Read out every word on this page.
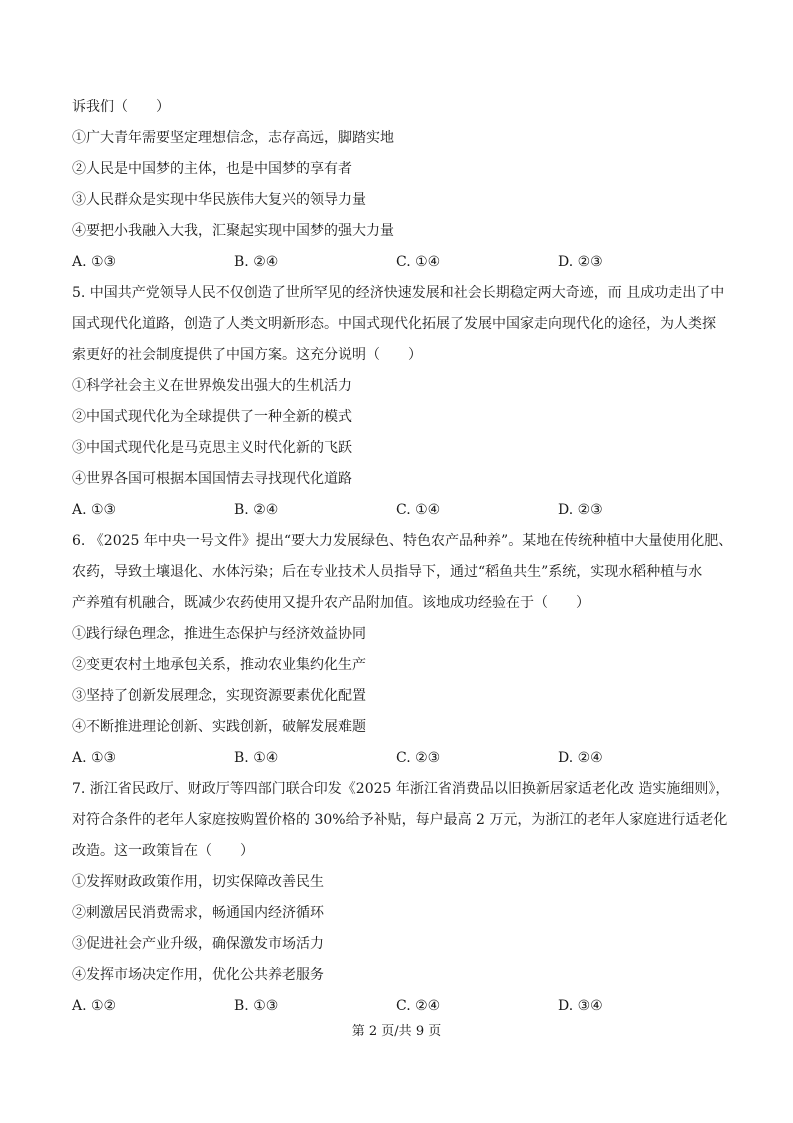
诉我们（　　）
①广大青年需要坚定理想信念，志存高远，脚踏实地
②人民是中国梦的主体，也是中国梦的享有者
③人民群众是实现中华民族伟大复兴的领导力量
④要把小我融入大我，汇聚起实现中国梦的强大力量
A. ①③	B. ②④	C. ①④	D. ②③
5. 中国共产党领导人民不仅创造了世所罕见的经济快速发展和社会长期稳定两大奇迹，而 且成功走出了中
国式现代化道路，创造了人类文明新形态。中国式现代化拓展了发展中国家走向现代化的途径，为人类探
索更好的社会制度提供了中国方案。这充分说明（　　）
①科学社会主义在世界焕发出强大的生机活力
②中国式现代化为全球提供了一种全新的模式
③中国式现代化是马克思主义时代化新的飞跃
④世界各国可根据本国国情去寻找现代化道路
A. ①③	B. ②④	C. ①④	D. ②③
6. 《2025 年中央一号文件》提出“要大力发展绿色、特色农产品种养”。某地在传统种植中大量使用化肥、
农药，导致土壤退化、水体污染；后在专业技术人员指导下，通过“稻鱼共生”系统，实现水稻种植与水
产养殖有机融合，既减少农药使用又提升农产品附加值。该地成功经验在于（　　）
①践行绿色理念，推进生态保护与经济效益协同
②变更农村土地承包关系，推动农业集约化生产
③坚持了创新发展理念，实现资源要素优化配置
④不断推进理论创新、实践创新，破解发展难题
A. ①③	B. ①④	C. ②③	D. ②④
7. 浙江省民政厅、财政厅等四部门联合印发《2025 年浙江省消费品以旧换新居家适老化改 造实施细则》，
对符合条件的老年人家庭按购置价格的 30%给予补贴，每户最高 2 万元，为浙江的老年人家庭进行适老化
改造。这一政策旨在（　　）
①发挥财政政策作用，切实保障改善民生
②刺激居民消费需求，畅通国内经济循环
③促进社会产业升级，确保激发市场活力
④发挥市场决定作用，优化公共养老服务
A. ①②	B. ①③	C. ②④	D. ③④
第 2 页/共 9 页
